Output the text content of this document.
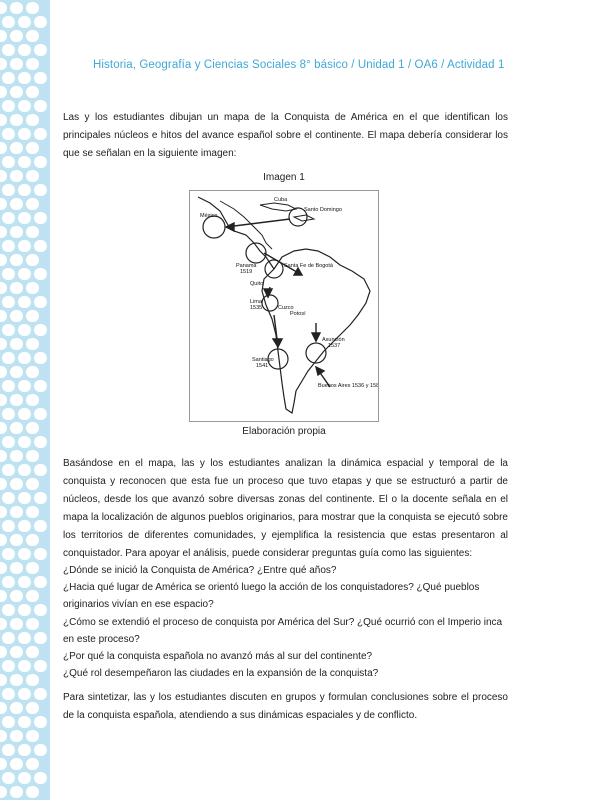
Historia, Geografía y Ciencias Sociales 8° básico / Unidad 1 / OA6 / Actividad 1

Las y los estudiantes dibujan un mapa de la Conquista de América en el que identifican los principales núcleos e hitos del avance español sobre el continente. El mapa debería considerar los que se señalan en la siguiente imagen:

Imagen 1
Cuba
México
Santo Domingo
Panamá
1519
Santa Fe de Bogotá
Quito
Lima
1535	Cuzco
Potosí
Asunción
1537
Santiago
1541
Buenos Aires 1536 y 1580
Elaboración propia

Basándose en el mapa, las y los estudiantes analizan la dinámica espacial y temporal de la conquista y reconocen que esta fue un proceso que tuvo etapas y que se estructuró a partir de núcleos, desde los que avanzó sobre diversas zonas del continente. El o la docente señala en el mapa la localización de algunos pueblos originarios, para mostrar que la conquista se ejecutó sobre los territorios de diferentes comunidades, y ejemplifica la resistencia que estas presentaron al conquistador. Para apoyar el análisis, puede considerar preguntas guía como las siguientes:

¿Dónde se inició la Conquista de América? ¿Entre qué años?
¿Hacia qué lugar de América se orientó luego la acción de los conquistadores? ¿Qué pueblos originarios vivían en ese espacio?
¿Cómo se extendió el proceso de conquista por América del Sur? ¿Qué ocurrió con el Imperio inca en este proceso?
¿Por qué la conquista española no avanzó más al sur del continente?
¿Qué rol desempeñaron las ciudades en la expansión de la conquista?

Para sintetizar, las y los estudiantes discuten en grupos y formulan conclusiones sobre el proceso de la conquista española, atendiendo a sus dinámicas espaciales y de conflicto.
